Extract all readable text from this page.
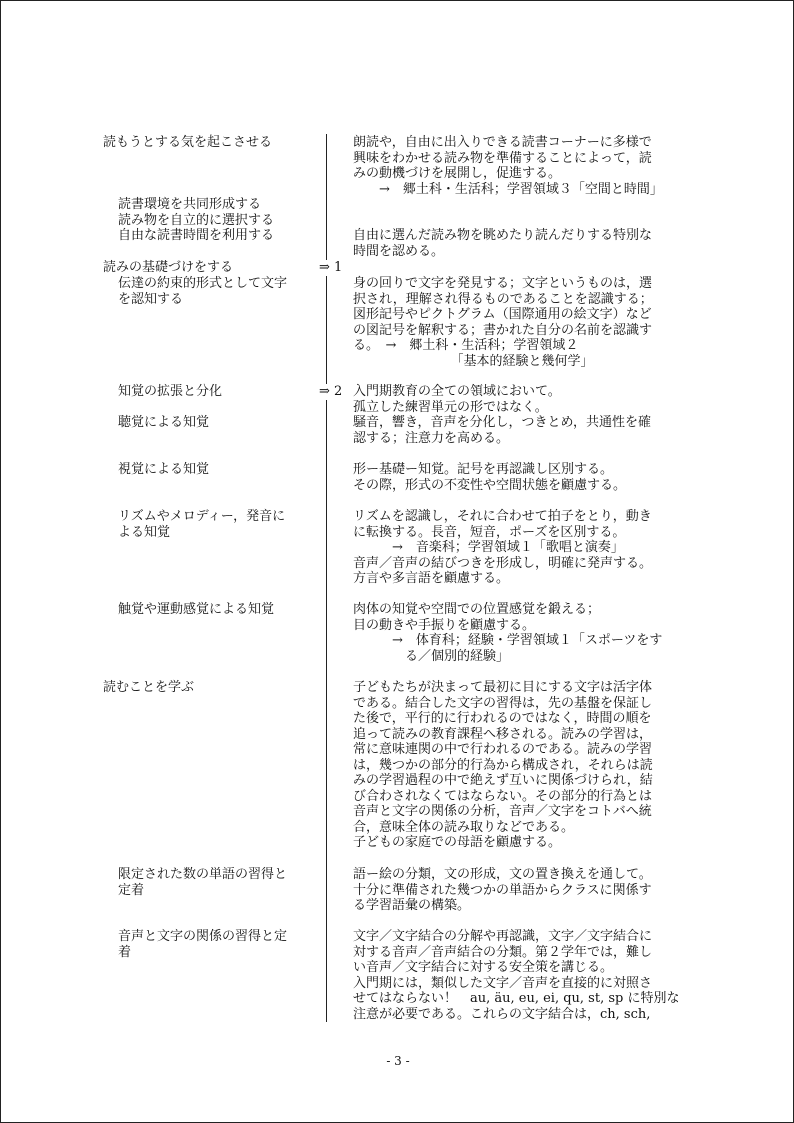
読もうとする気を起こさせる
読書環境を共同形成する
読み物を自立的に選択する
自由な読書時間を利用する
読みの基礎づけをする
伝達の約束的形式として文字
を認知する
知覚の拡張と分化
聴覚による知覚
視覚による知覚
リズムやメロディー，発音に
よる知覚
触覚や運動感覚による知覚
読むことを学ぶ
限定された数の単語の習得と
定着
音声と文字の関係の習得と定
着
⇒ 1
⇒ 2
朗読や，自由に出入りできる読書コーナーに多様で
興味をわかせる読み物を準備することによって，読
みの動機づけを展開し，促進する。
　　→　郷土科・生活科；学習領域３「空間と時間」
自由に選んだ読み物を眺めたり読んだりする特別な
時間を認める。
身の回りで文字を発見する；文字というものは，選
択され，理解され得るものであることを認識する；
図形記号やピクトグラム（国際通用の絵文字）など
の図記号を解釈する；書かれた自分の名前を認識す
る。　→　郷土科・生活科；学習領域２
　　　　　　　　「基本的経験と幾何学」
入門期教育の全ての領域において。
孤立した練習単元の形ではなく。
騒音，響き，音声を分化し，つきとめ，共通性を確
認する；注意力を高める。
形ー基礎ー知覚。記号を再認識し区別する。
その際，形式の不変性や空間状態を顧慮する。
リズムを認識し，それに合わせて拍子をとり，動き
に転換する。長音，短音，ポーズを区別する。
　　　→　音楽科；学習領域１「歌唱と演奏」
音声／音声の結びつきを形成し，明確に発声する。
方言や多言語を顧慮する。
肉体の知覚や空間での位置感覚を鍛える；
目の動きや手振りを顧慮する。
　　　→　体育科；経験・学習領域１「スポーツをす
　　　　る／個別的経験」
子どもたちが決まって最初に目にする文字は活字体
である。結合した文字の習得は，先の基盤を保証し
た後で，平行的に行われるのではなく，時間の順を
追って読みの教育課程へ移される。読みの学習は，
常に意味連関の中で行われるのである。読みの学習
は，幾つかの部分的行為から構成され，それらは読
みの学習過程の中で絶えず互いに関係づけられ，結
び合わされなくてはならない。その部分的行為とは
音声と文字の関係の分析，音声／文字をコトバへ統
合，意味全体の読み取りなどである。
子どもの家庭での母語を顧慮する。
語ー絵の分類，文の形成，文の置き換えを通して。
十分に準備された幾つかの単語からクラスに関係す
る学習語彙の構築。
文字／文字結合の分解や再認識，文字／文字結合に
対する音声／音声結合の分類。第２学年では，難し
い音声／文字結合に対する安全策を講じる。
入門期には，類似した文字／音声を直接的に対照さ
せてはならない！　au, äu, eu, ei, qu, st, sp に特別な
注意が必要である。これらの文字結合は，ch, sch,
- 3 -
